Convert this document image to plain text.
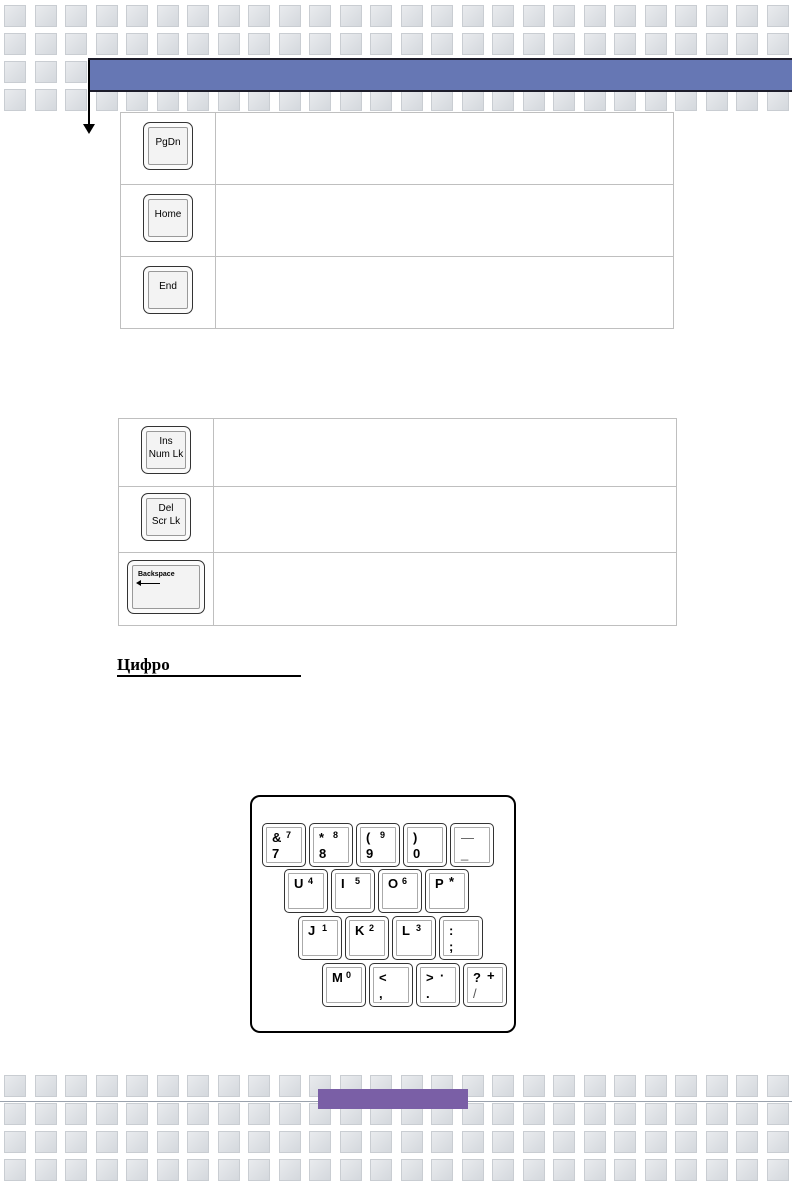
PgDn	

Home	

End	

Ins
Num Lk	

Del
Scr Lk	

Backspace	

Цифро
& 7
7
* 8
8
( 9
9
)
0
—
_
U 4 I 5 O 6 P *
J 1 K 2 L 3 :
;
M 0 <
,
> ·
.
? +
/
